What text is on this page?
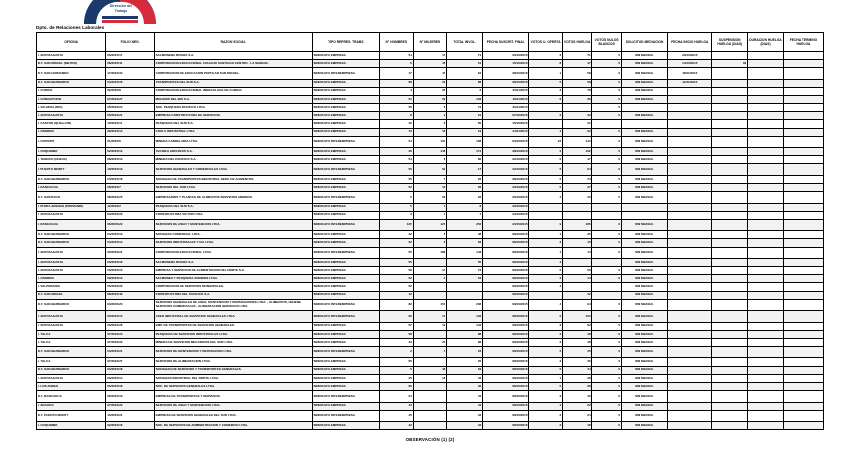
Dirección del
Trabajo
Dpto. de Relaciones Laborales
OFICINA	FOLIO NEG.	RAZON SOCIAL	TIPO REPRES. TRABS	N° HOMBRES	N° MUJERES	TOTAL INVOL.	FECHA SUSCRIT. FINAL	VOTOS U. OFERTA	VOTOS HUELGA	VOTOS NULOS BLANCOS	SOLICITUD MEDIACION	FECHA INICIO HUELGA	SUSPENSION HUELGA (DIAS)	DURACION HUELGA (DIAS)	FECHA TERMINO HUELGA

I. ANTOFAGASTA	03/2015/17	SALMONERA RIVERA S.A.	SINDICATO EMPRESA	54	17	71	20/10/2015	3	71	0	SIN MEDIAC.	23/10/2015			

D.T. SAN MIGUEL (METRO)	08/2015/41	CORPORACION EDUCACIONAL COLEGIO SANTIAGO CENTRO - LA SERENA.	SINDICATO EMPRESA	6	45	51	15/10/2015	8	47	0	SIN MEDIAC.	14/10/2015	60		

D.T. SAN FERNANDO	17/2015/34	CORPORACION DE EDUCACION POPULAR SAN MIGUEL.	SINDICATO INTEREMPRESA	17	47	64	28/10/2015	1	58	0	SIN MEDIAC.	18/11/2015			

D.T. SAN BERNARDO	04/2015/16	TRANSPORTES DEL SUR S.A.	SINDICATO EMPRESA	68	29	68	28/10/2015	5	58	0	SIN MEDIAC.	12/11/2015			

I. CURICO	02/2015/8	CORPORACION EDUCACIONAL INMACULADA DE CURICO.	SINDICATO EMPRESA	4	35	6	25/11/2015	3	78	0	SIN MEDIAC.				

I. CONCEPCION	07/2015/27	MOLINOS DEL BIO S.A.	SINDICATO EMPRESA	51	52	103	18/11/2015	6	36	0	SIN MEDIAC.				

I. VALDIVIA (RIO)	05/2015/24	SOC. PESQUERA PACIFICO LTDA.	SINDICATO EMPRESA	56	8	74	20/11/2015			0					

I. ANTOFAGASTA	03/2015/21	EMPRESA CONSTRUCTORA DE SERVICIOS.	SINDICATO EMPRESA	8	2	10	07/10/2015	2	32	0	SIN MEDIAC.				

I. CASTRO (QUELLON)	10/2015/11	PESQUERA DEL SUR S.A.	SINDICATO EMPRESA	42	8	50	15/10/2015		31						

I. OSORNO	09/2015/14	COM. E INDUSTRIAL LTDA.	SINDICATO EMPRESA	73	18	19	24/11/2015	4	92	0	SIN MEDIAC.				

I. COPIAPO	01/2015/6	MINERA CANDELARIA LTDA.	SINDICATO INTEREMPRESA	54	104	158	03/10/2015	22	144	0	SIN MEDIAC.				

I. COQUIMBO	02/2015/12	TECNICA ARCHIVOS S.A.	SINDICATO EMPRESA	26	148	174	28/10/2015	2	162	0	SIN MEDIAC.				

I. TEMUCO (NUEVA)	08/2015/13	MINERA DEL PACIFICO S.A.	SINDICATO EMPRESA	54	6	60	22/10/2015	0	47	0	SIN MEDIAC.				

I. PUERTO MONTT	10/2015/19	SERVICIOS GENERALES Y COMERCIALES LTDA.	SINDICATO INTEREMPRESA	55	62	17	22/10/2015	5	64	0	SIN MEDIAC.				

D.T. SAN BERNARDO	04/2015/18	SOCIEDAD DE TRANSPORTES INDUSTRIAL SERV. DE ALIMENTOS.	SINDICATO EMPRESA	55	5	26	28/10/2015	5	24	0	SIN MEDIAC.				

I. RANCAGUA	06/2015/7	SERVICIOS DEL SUR LTDA.	SINDICATO EMPRESA	52	18	26	20/10/2015	5	27	0	SIN MEDIAC.				

D.T. SANTIAGO	08/2015/25	EMPRESARIOS Y PLANTAS DE ALIMENTOS SERVICIOS ANDINOS.	SINDICATO INTEREMPRESA	5	58	26	20/10/2015	4	33	0	SIN MEDIAC.				

I. PUNTA ARENAS (PORVENIR)	12/2015/2	PESQUERA DEL SUR S.A.	SINDICATO EMPRESA	5	3	8	29/10/2015								

I. ANTOFAGASTA	03/2015/20	CONSTRUCTORA VICTOR LTDA.	SINDICATO EMPRESA	3	4	7	23/10/2015								

I. RANCAGUA	06/2015/22	SERVICIOS DE ASEO Y MANTENCION LTDA.	SINDICATO INTEREMPRESA	125	127	252	23/10/2015	9	165	0	SIN MEDIAC.				

D.T. SAN BERNARDO	04/2015/19	SOCIEDAD COMERCIAL LTDA.	SINDICATO EMPRESA	42	6	48	08/10/2015	1	35	0	SIN MEDIAC.				

D.T. SAN BERNARDO	04/2015/14	SERVICIOS INDUSTRIALES Y CIA LTDA.	SINDICATO EMPRESA	52	8	62	08/10/2015	3	15	0	SIN MEDIAC.				

I. ANTOFAGASTA	03/2015/21	CORPORACION EDUCACIONAL LTDA.	SINDICATO INTEREMPRESA	55	188	143	08/10/2015	1	14	0	SIN MEDIAC.				

I. ANTOFAGASTA	03/2015/16	SALMONERA RIVERA S.A.	SINDICATO EMPRESA	55		55	08/10/2015	4			SIN MEDIAC.				

I. ANTOFAGASTA	03/2015/15	EMPRESA Y SERVICIOS DE ALIMENTACION DEL NORTE S.A.	SINDICATO EMPRESA	58	14	72	08/10/2015	5	50	0	SIN MEDIAC.				

I. OSORNO	09/2015/13	SALMONES Y PESQUERA ANDINOS LTDA.	SINDICATO EMPRESA	52	2	54	08/10/2015	2	14	0	SIN MEDIAC.				

I. VALPARAISO	05/2015/20	CORPORACION DE SERVICIOS MUNICIPALES.	SINDICATO EMPRESA	52			08/10/2015	4			SIN MEDIAC.				

D.T. SAN MIGUEL	08/2015/42	CONSTRUCTORA DEL PACIFICO S.A.	SINDICATO EMPRESA	12			08/10/2015		42		SIN MEDIAC.				

D.T. SAN BERNARDO	04/2015/20	SERVICIOS GENERALES DE ASEO, MANTENCION Y REPARACIONES LTDA. - ALIMENTOS, HIGIENE SERVICIOS COMERCIALES - ALIMENTACION SERVICIOS LTDA.	SINDICATO INTEREMPRESA	82	154	236	08/10/2015	4	94	0	SIN MEDIAC.				

I. ANTOFAGASTA	03/2015/12	ASEO INDUSTRIAL DE SERVICIOS GENERALES LTDA.	SINDICATO INTEREMPRESA	95	14	132	08/10/2015	5	104	0	SIN MEDIAC.				

I. ANTOFAGASTA	03/2015/26	EMP. DE TRANSPORTES DE SERVICIOS GENERALES.	SINDICATO EMPRESA	57	19	142	08/10/2015	3	92	0	SIN MEDIAC.				

I. TALCA	07/2015/24	PESQUERA DE SERVICIOS INDUSTRIALES LTDA.	SINDICATO EMPRESA	58		98	08/10/2015	2	48	0	SIN MEDIAC.				

I. TALCA	07/2015/23	MINERA DE SERVICIOS MECANICOS DEL SUR LTDA.	SINDICATO EMPRESA	43	23	66	08/10/2015	2	48	0	SIN MEDIAC.				

D.T. SAN BERNARDO	04/2015/21	SERVICIOS DE MANTENCION Y REPARACION LTDA.	SINDICATO INTEREMPRESA	2	3	23	08/10/2015	2	45	0	SIN MEDIAC.				

I. TALCA	07/2015/27	SERVICIOS DE ALIMENTACION LTDA.	SINDICATO EMPRESA	65		25	08/10/2015	3	36	0	SIN MEDIAC.				

D.T. SAN BERNARDO	04/2015/18	SOCIEDAD DE SERVICIOS Y TRANSPORTES GENERALES.	SINDICATO EMPRESA	5	48	53	08/10/2015	5	44	0	SIN MEDIAC.				

I. ANTOFAGASTA	03/2015/14	SOCIEDAD INDUSTRIAL DEL NORTE LTDA.	SINDICATO EMPRESA	25	18	43	08/10/2015	1	28	0	SIN MEDIAC.				

I. LOS ANDES	05/2015/18	SOC. DE SERVICIOS GENERALES LTDA.	SINDICATO EMPRESA	60		46	08/10/2015	5	38	0	SIN MEDIAC.				

D.T. RANCAGUA	06/2015/19	EMPRESA DE TRANSPORTES Y SERVICIOS.	SINDICATO INTEREMPRESA	54		44	08/10/2015	3	49	0	SIN MEDIAC.				

I. ARAUCO	07/2015/22	SERVICIOS DE ASEO Y MANTENCION LTDA.	SINDICATO EMPRESA	43		44	08/10/2015	4	22	0	SIN MEDIAC.				

D.T. PUERTO MONTT	10/2015/21	EMPRESA DE SERVICIOS GENERALES DEL SUR LTDA.	SINDICATO INTEREMPRESA	45		42	08/10/2015	2	24	0	SIN MEDIAC.				

I. COQUIMBO	02/2015/16	SOC. DE SERVICIOS DE ADMINISTRACION Y COMERCIO LTDA.	SINDICATO EMPRESA	42		42	08/10/2015	2	18	0	SIN MEDIAC.				

OBSERVACIÓN (1) (2)
